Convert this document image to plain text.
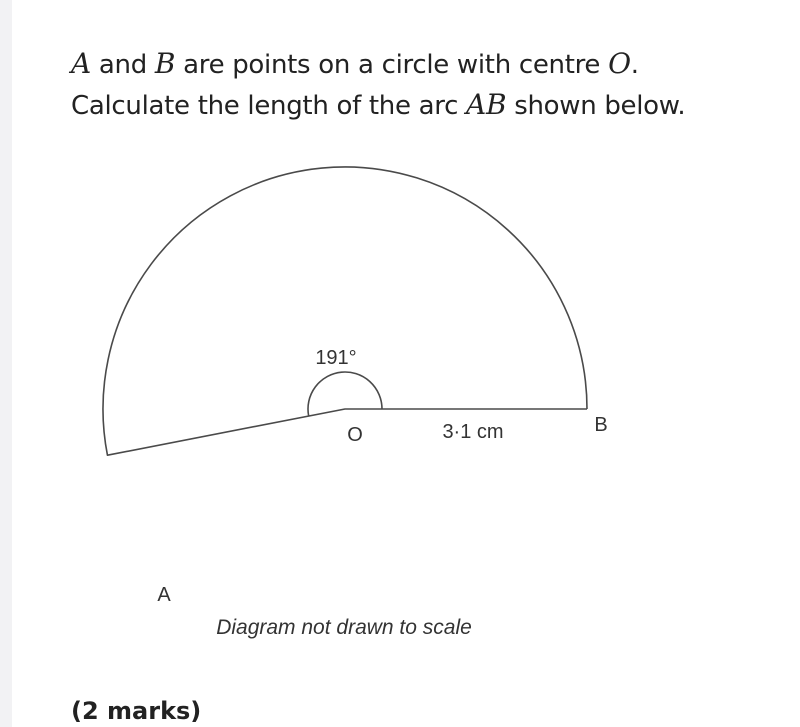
A and B are points on a circle with centre O.
Calculate the length of the arc AB shown below.
191°
O	3·1 cm	B
A
Diagram not drawn to scale
(2 marks)
